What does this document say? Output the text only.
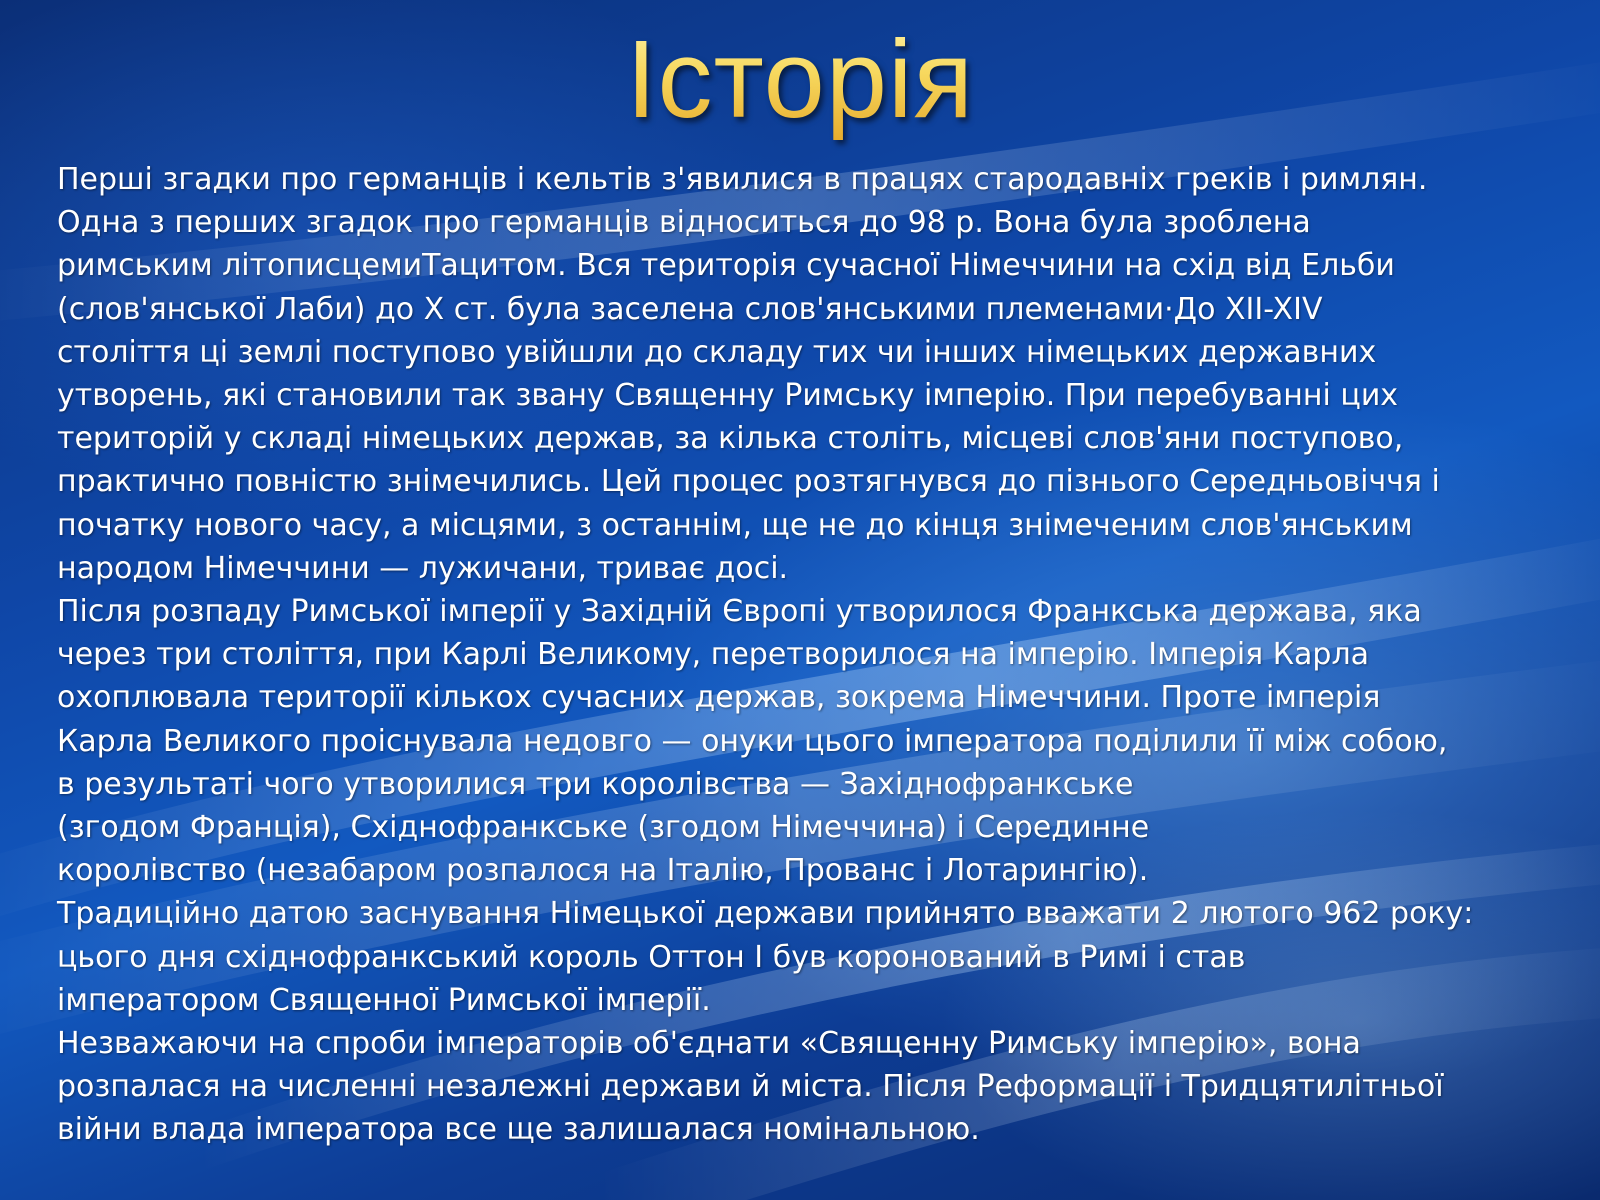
Історія
Перші згадки про германців і кельтів з'явилися в працях стародавніх греків і римлян.
Одна з перших згадок про германців відноситься до 98 р. Вона була зроблена
римським літописцемиТацитом. Вся територія сучасної Німеччини на схід від Ельби
(слов'янської Лаби) до X ст. була заселена слов'янськими племенами·До XII-XIV
століття ці землі поступово увійшли до складу тих чи інших німецьких державних
утворень, які становили так звану Священну Римську імперію. При перебуванні цих
територій у складі німецьких держав, за кілька століть, місцеві слов'яни поступово,
практично повністю знімечились. Цей процес розтягнувся до пізнього Середньовіччя і
початку нового часу, а місцями, з останнім, ще не до кінця знімеченим слов'янським
народом Німеччини — лужичани, триває досі.
Після розпаду Римської імперії у Західній Європі утворилося Франкська держава, яка
через три століття, при Карлі Великому, перетворилося на імперію. Імперія Карла
охоплювала території кількох сучасних держав, зокрема Німеччини. Проте імперія
Карла Великого проіснувала недовго — онуки цього імператора поділили її між собою,
в результаті чого утворилися три королівства — Західнофранкське
(згодом Франція), Східнофранкське (згодом Німеччина) і Серединне
королівство (незабаром розпалося на Італію, Прованс і Лотарингію).
Традиційно датою заснування Німецької держави прийнято вважати 2 лютого 962 року:
цього дня східнофранкський король Оттон I був коронований в Римі і став
імператором Священної Римської імперії.
Незважаючи на спроби імператорів об'єднати «Священну Римську імперію», вона
розпалася на численні незалежні держави й міста. Після Реформації і Тридцятилітньої
війни влада імператора все ще залишалася номінальною.
